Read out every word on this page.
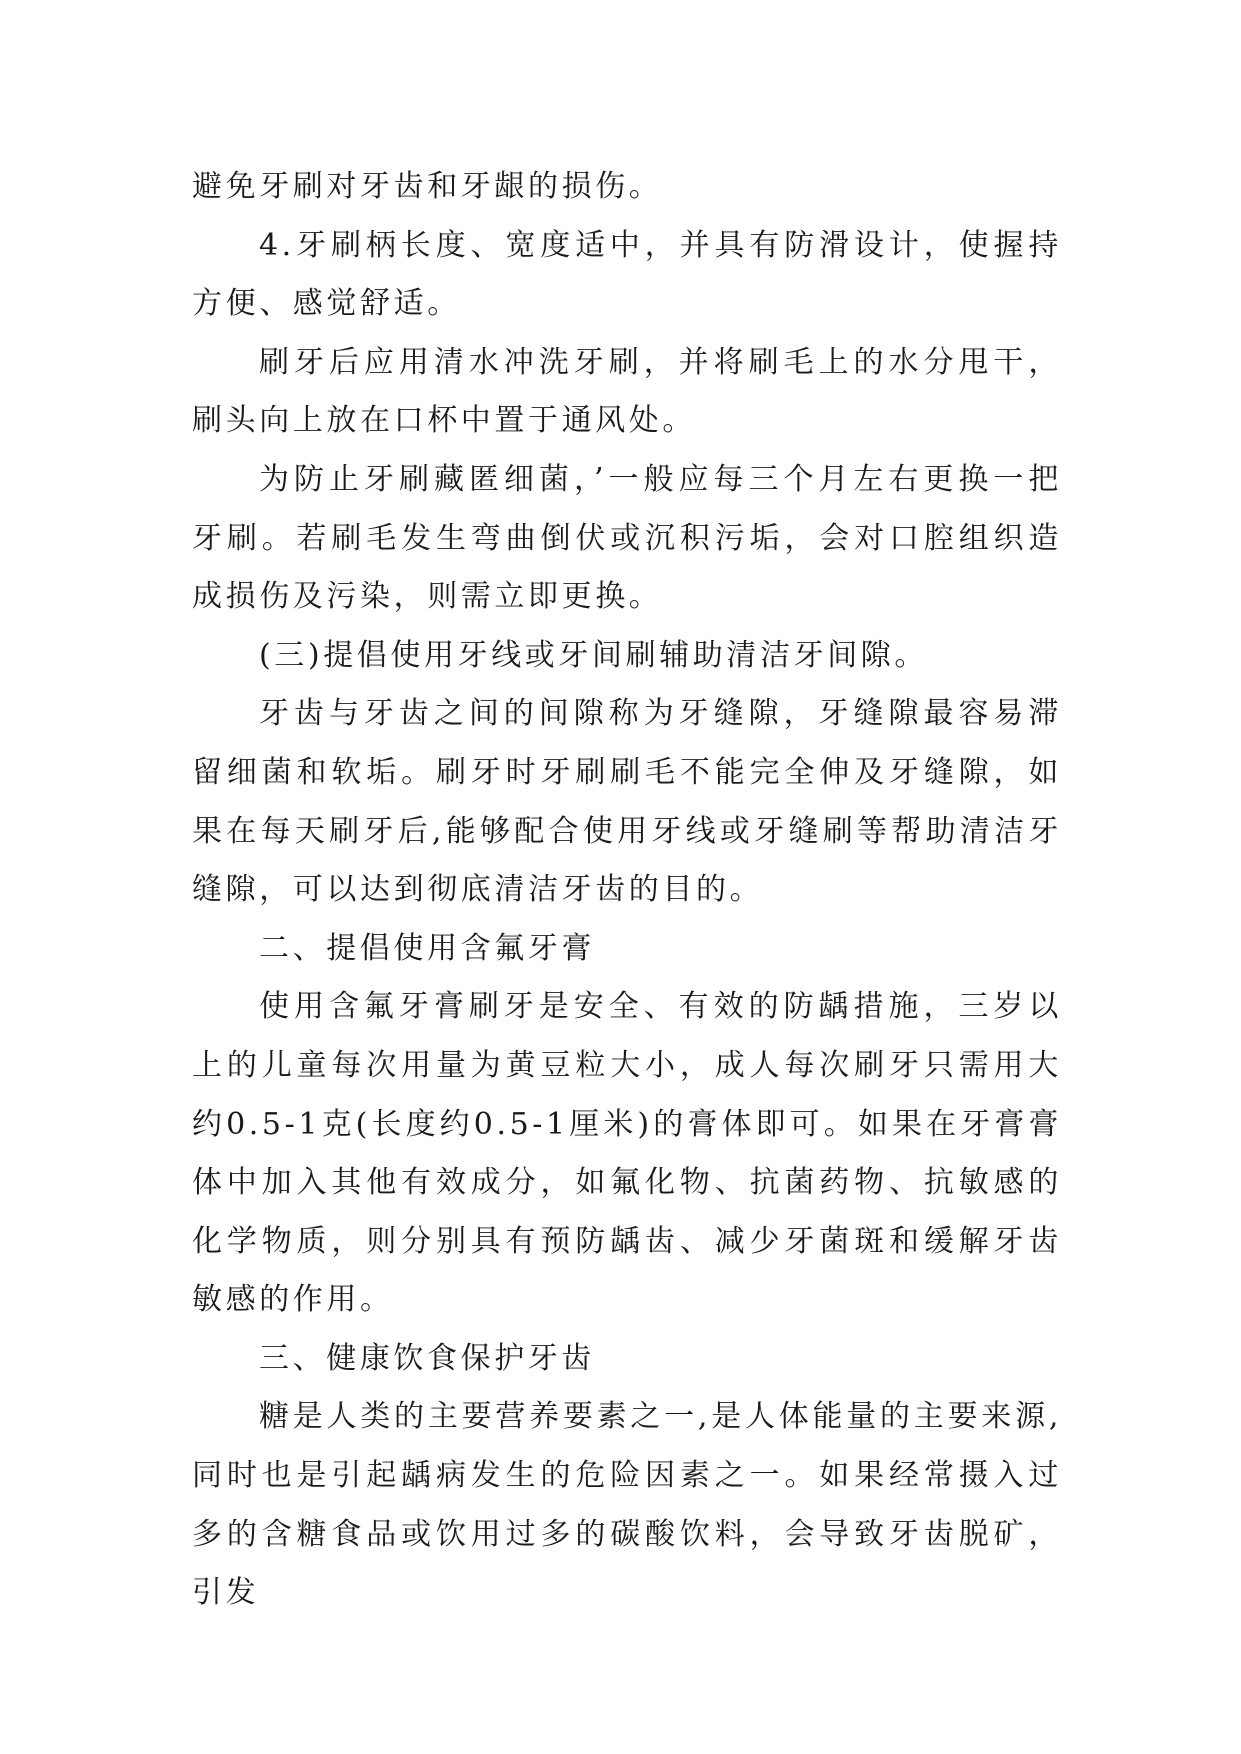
避免牙刷对牙齿和牙龈的损伤。

4.牙刷柄长度、宽度适中，并具有防滑设计，使握持方便、感觉舒适。

刷牙后应用清水冲洗牙刷，并将刷毛上的水分甩干，刷头向上放在口杯中置于通风处。

为防止牙刷藏匿细菌，’一般应每三个月左右更换一把牙刷。若刷毛发生弯曲倒伏或沉积污垢，会对口腔组织造成损伤及污染，则需立即更换。

(三)提倡使用牙线或牙间刷辅助清洁牙间隙。

牙齿与牙齿之间的间隙称为牙缝隙，牙缝隙最容易滞留细菌和软垢。刷牙时牙刷刷毛不能完全伸及牙缝隙，如果在每天刷牙后,能够配合使用牙线或牙缝刷等帮助清洁牙缝隙，可以达到彻底清洁牙齿的目的。

二、提倡使用含氟牙膏

使用含氟牙膏刷牙是安全、有效的防龋措施，三岁以上的儿童每次用量为黄豆粒大小，成人每次刷牙只需用大约0.5-1克(长度约0.5-1厘米)的膏体即可。如果在牙膏膏体中加入其他有效成分，如氟化物、抗菌药物、抗敏感的化学物质，则分别具有预防龋齿、减少牙菌斑和缓解牙齿敏感的作用。

三、健康饮食保护牙齿

糖是人类的主要营养要素之一,是人体能量的主要来源,同时也是引起龋病发生的危险因素之一。如果经常摄入过多的含糖食品或饮用过多的碳酸饮料，会导致牙齿脱矿，引发
